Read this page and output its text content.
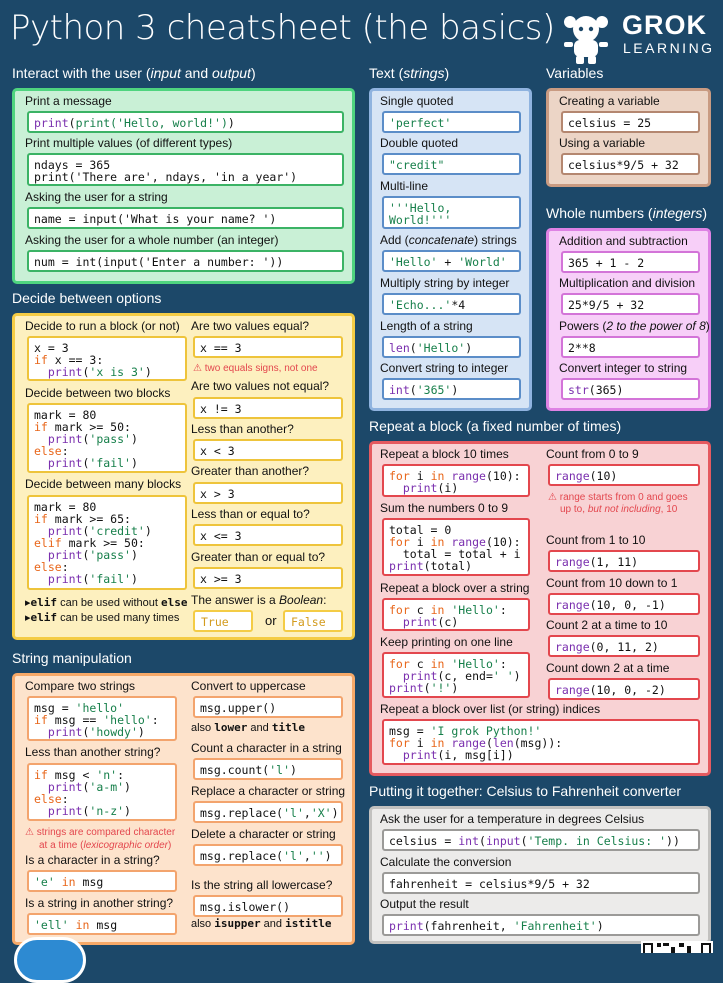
Python 3 cheatsheet (the basics) GROK
LEARNING
Interact with the user (input and output)
Print a message
print(print('Hello, world!'))
Print multiple values (of different types)
ndays = 365
print('There are', ndays, 'in a year')
Asking the user for a string
name = input('What is your name? ')
Asking the user for a whole number (an integer)
num = int(input('Enter a number: '))
Decide between options
Decide to run a block (or not)
x = 3
if x == 3:
print('x is 3')
Decide between two blocks
mark = 80
if mark >= 50:
print('pass')
else:
print('fail')
Decide between many blocks
mark = 80
if mark >= 65:
print('credit')
elif mark >= 50:
print('pass')
else:
print('fail')
▸elif can be used without else
▸elif can be used many times
Are two values equal?
x == 3
⚠ two equals signs, not one
Are two values not equal?
x != 3
Less than another?
x < 3
Greater than another?
x > 3
Less than or equal to?
x <= 3
Greater than or equal to?
x >= 3
The answer is a Boolean:
True	or	False
String manipulation
Compare two strings
msg = 'hello'
if msg == 'hello':
print('howdy')
Less than another string?
if msg < 'n':
print('a-m')
else:
print('n-z')
⚠ strings are compared character
at a time (lexicographic order)
Is a character in a string?
'e' in msg
Is a string in another string?
'ell' in msg
Convert to uppercase
msg.upper()
also lower and title
Count a character in a string
msg.count('l')
Replace a character or string
msg.replace('l','X')
Delete a character or string
msg.replace('l','')
Is the string all lowercase?
msg.islower()
also isupper and istitle
Text (strings)
Single quoted
'perfect'
Double quoted
"credit"
Multi-line
'''Hello,
World!'''
Add (concatenate) strings
'Hello' + 'World'
Multiply string by integer
'Echo...'*4
Length of a string
len('Hello')
Convert string to integer
int('365')
Variables
Creating a variable
celsius = 25
Using a variable
celsius*9/5 + 32
Whole numbers (integers)
Addition and subtraction
365 + 1 - 2
Multiplication and division
25*9/5 + 32
Powers (2 to the power of 8)
2**8
Convert integer to string
str(365)
Repeat a block (a fixed number of times)
Repeat a block 10 times
for i in range(10):
print(i)
Sum the numbers 0 to 9
total = 0
for i in range(10):
total = total + i
print(total)
Repeat a block over a string
for c in 'Hello':
print(c)
Keep printing on one line
for c in 'Hello':
print(c, end=' ')
print('!')
Repeat a block over list (or string) indices
msg = 'I grok Python!'
for i in range(len(msg)):
print(i, msg[i])
Count from 0 to 9
range(10)
⚠ range starts from 0 and goes
up to, but not including, 10
Count from 1 to 10
range(1, 11)
Count from 10 down to 1
range(10, 0, -1)
Count 2 at a time to 10
range(0, 11, 2)
Count down 2 at a time
range(10, 0, -2)
Putting it together: Celsius to Fahrenheit converter
Ask the user for a temperature in degrees Celsius
celsius = int(input('Temp. in Celsius: '))
Calculate the conversion
fahrenheit = celsius*9/5 + 32
Output the result
print(fahrenheit, 'Fahrenheit')
